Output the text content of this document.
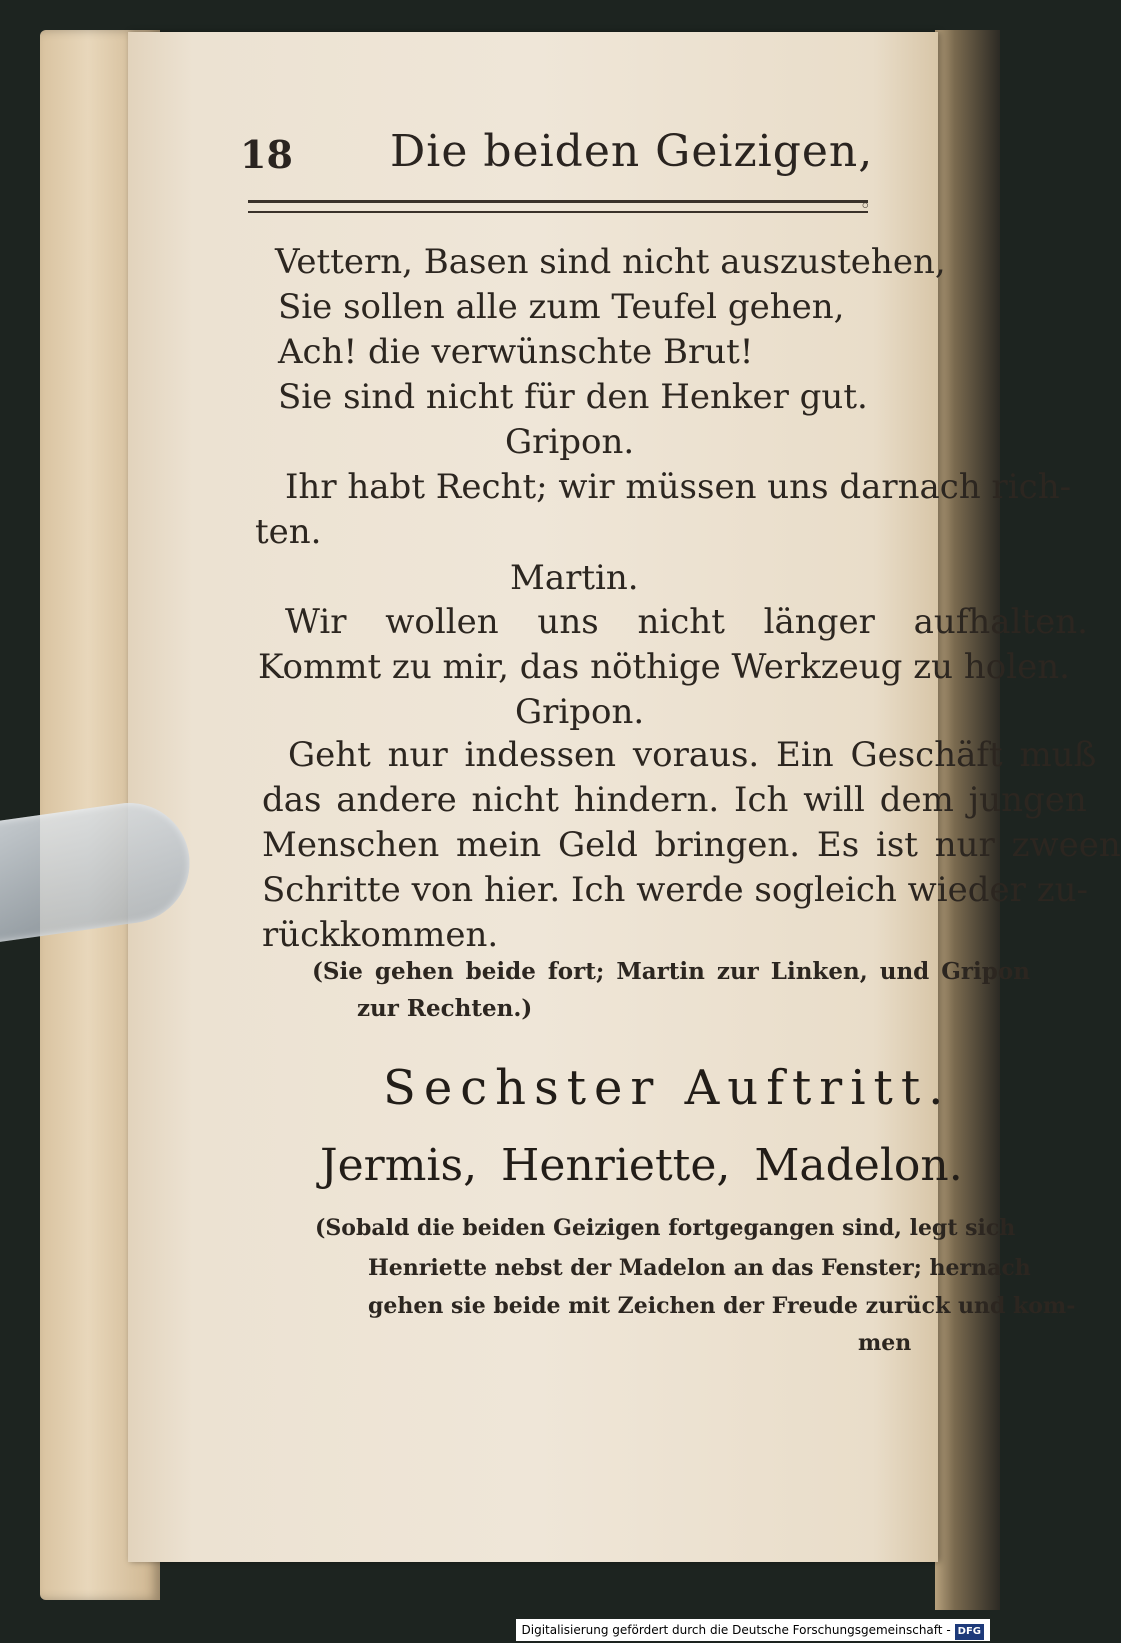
18 Die beiden Geizigen,
◦
Vettern, Basen sind nicht auszustehen,
Sie sollen alle zum Teufel gehen,
Ach! die verwünschte Brut!
Sie sind nicht für den Henker gut.
Gripon.
Ihr habt Recht; wir müssen uns darnach rich-
ten.
Martin.
Wir wollen uns nicht länger aufhalten.
Kommt zu mir, das nöthige Werkzeug zu holen.
Gripon.
Geht nur indessen voraus. Ein Geschäft muß
das andere nicht hindern. Ich will dem jungen
Menschen mein Geld bringen. Es ist nur zween
Schritte von hier. Ich werde sogleich wieder zu-
rückkommen.
(Sie gehen beide fort; Martin zur Linken, und Gripon
zur Rechten.)
Sechster Auftritt.
Jermis, Henriette, Madelon.
(Sobald die beiden Geizigen fortgegangen sind, legt sich
Henriette nebst der Madelon an das Fenster; hernach
gehen sie beide mit Zeichen der Freude zurück und kom-
men
Digitalisierung gefördert durch die Deutsche Forschungsgemeinschaft - DFG
